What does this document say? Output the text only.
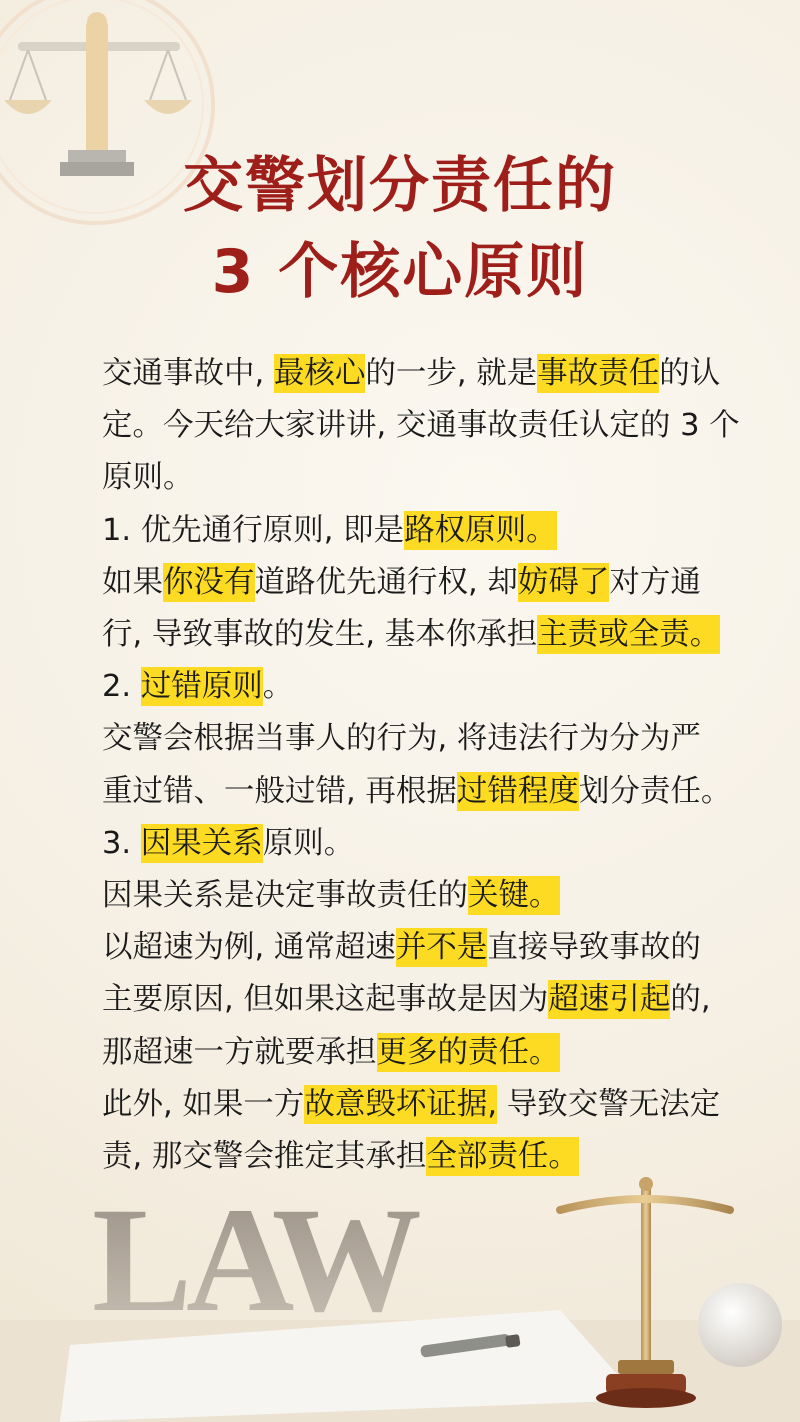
交警划分责任的
3 个核心原则

交通事故中, 最核心的一步, 就是事故责任的认

定。今天给大家讲讲, 交通事故责任认定的 3 个

原则。

1. 优先通行原则, 即是路权原则。

如果你没有道路优先通行权, 却妨碍了对方通

行, 导致事故的发生, 基本你承担主责或全责。

2. 过错原则。

交警会根据当事人的行为, 将违法行为分为严

重过错、一般过错, 再根据过错程度划分责任。

3. 因果关系原则。

因果关系是决定事故责任的关键。

以超速为例, 通常超速并不是直接导致事故的

主要原因, 但如果这起事故是因为超速引起的,

那超速一方就要承担更多的责任。

此外, 如果一方故意毁坏证据, 导致交警无法定

责, 那交警会推定其承担全部责任。

LAW
